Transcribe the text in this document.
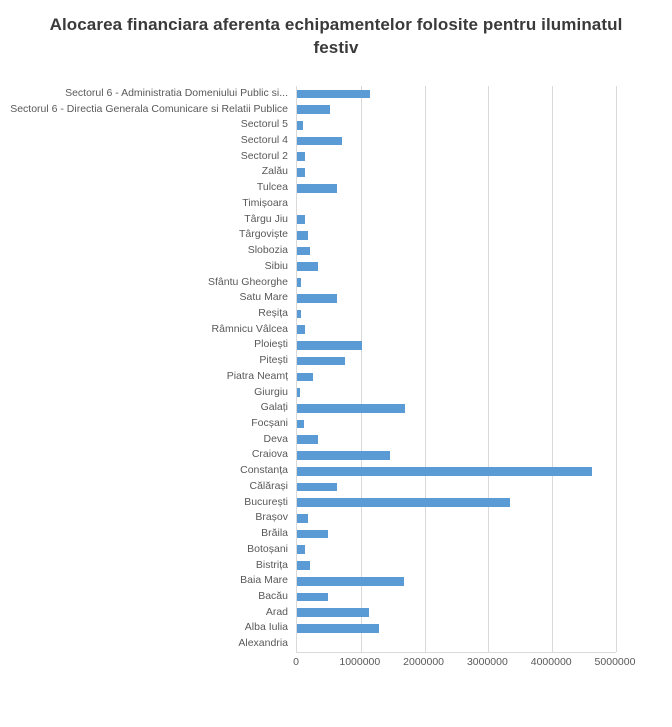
Alocarea financiara aferenta echipamentelor folosite pentru iluminatul festiv
Sectorul 6 - Administratia Domeniului Public si...
Sectorul 6 - Directia Generala Comunicare si Relatii Publice
Sectorul 5
Sectorul 4
Sectorul 2
Zalău
Tulcea
Timișoara
Târgu Jiu
Târgoviște
Slobozia
Sibiu
Sfântu Gheorghe
Satu Mare
Reșița
Râmnicu Vâlcea
Ploiești
Pitești
Piatra Neamț
Giurgiu
Galați
Focșani
Deva
Craiova
Constanța
Călărași
București
Brașov
Brăila
Botoșani
Bistrița
Baia Mare
Bacău
Arad
Alba Iulia
Alexandria
0	1000000 2000000 3000000 4000000 5000000
